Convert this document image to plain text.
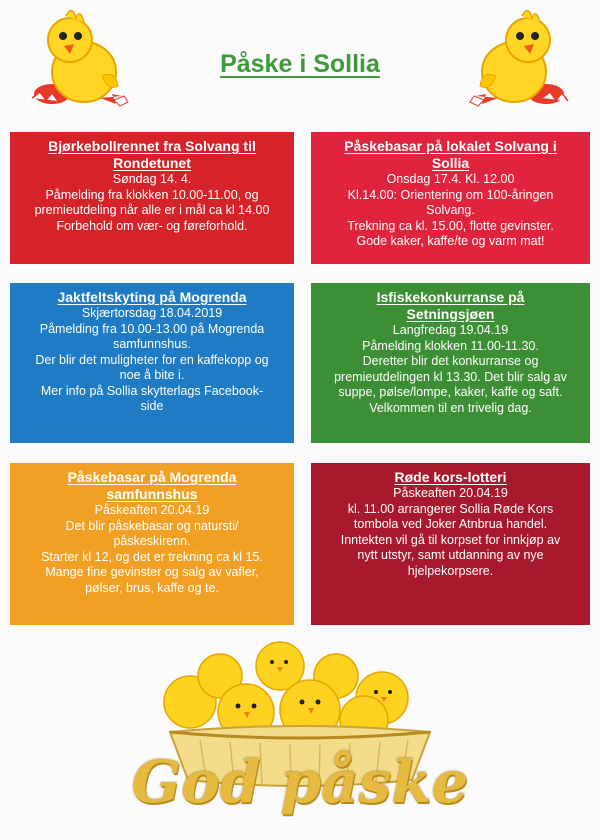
Påske i Sollia
Bjørkebollrennet fra Solvang til
Rondetunet
Søndag 14. 4.
Påmelding fra klokken 10.00-11.00, og
premieutdeling når alle er i mål ca kl 14.00
Forbehold om vær- og føreforhold.
Påskebasar på lokalet Solvang i
Sollia
Onsdag 17.4. Kl. 12.00
Kl.14.00: Orientering om 100-åringen
Solvang.
Trekning ca kl. 15.00, flotte gevinster.
Gode kaker, kaffe/te og varm mat!
Jaktfeltskyting på Mogrenda
Skjærtorsdag 18.04.2019
Påmelding fra 10.00-13.00 på Mogrenda
samfunnshus.
Der blir det muligheter for en kaffekopp og
noe å bite i.
Mer info på Sollia skytterlags Facebook-
side
Isfiskekonkurranse på
Setningsjøen
Langfredag 19.04.19
Påmelding klokken 11.00-11.30.
Deretter blir det konkurranse og
premieutdelingen kl 13.30. Det blir salg av
suppe, pølse/lompe, kaker, kaffe og saft.
Velkommen til en trivelig dag.
Påskebasar på Mogrenda
samfunnshus
Påskeaften 20.04.19
Det blir påskebasar og natursti/
påskeskirenn.
Starter kl 12, og det er trekning ca kl 15.
Mange fine gevinster og salg av vafler,
pølser, brus, kaffe og te.
Røde kors-lotteri
Påskeaften 20.04.19
kl. 11.00 arrangerer Sollia Røde Kors
tombola ved Joker Atnbrua handel.
Inntekten vil gå til korpset for innkjøp av
nytt utstyr, samt utdanning av nye
hjelpekorpsere.
God påske
